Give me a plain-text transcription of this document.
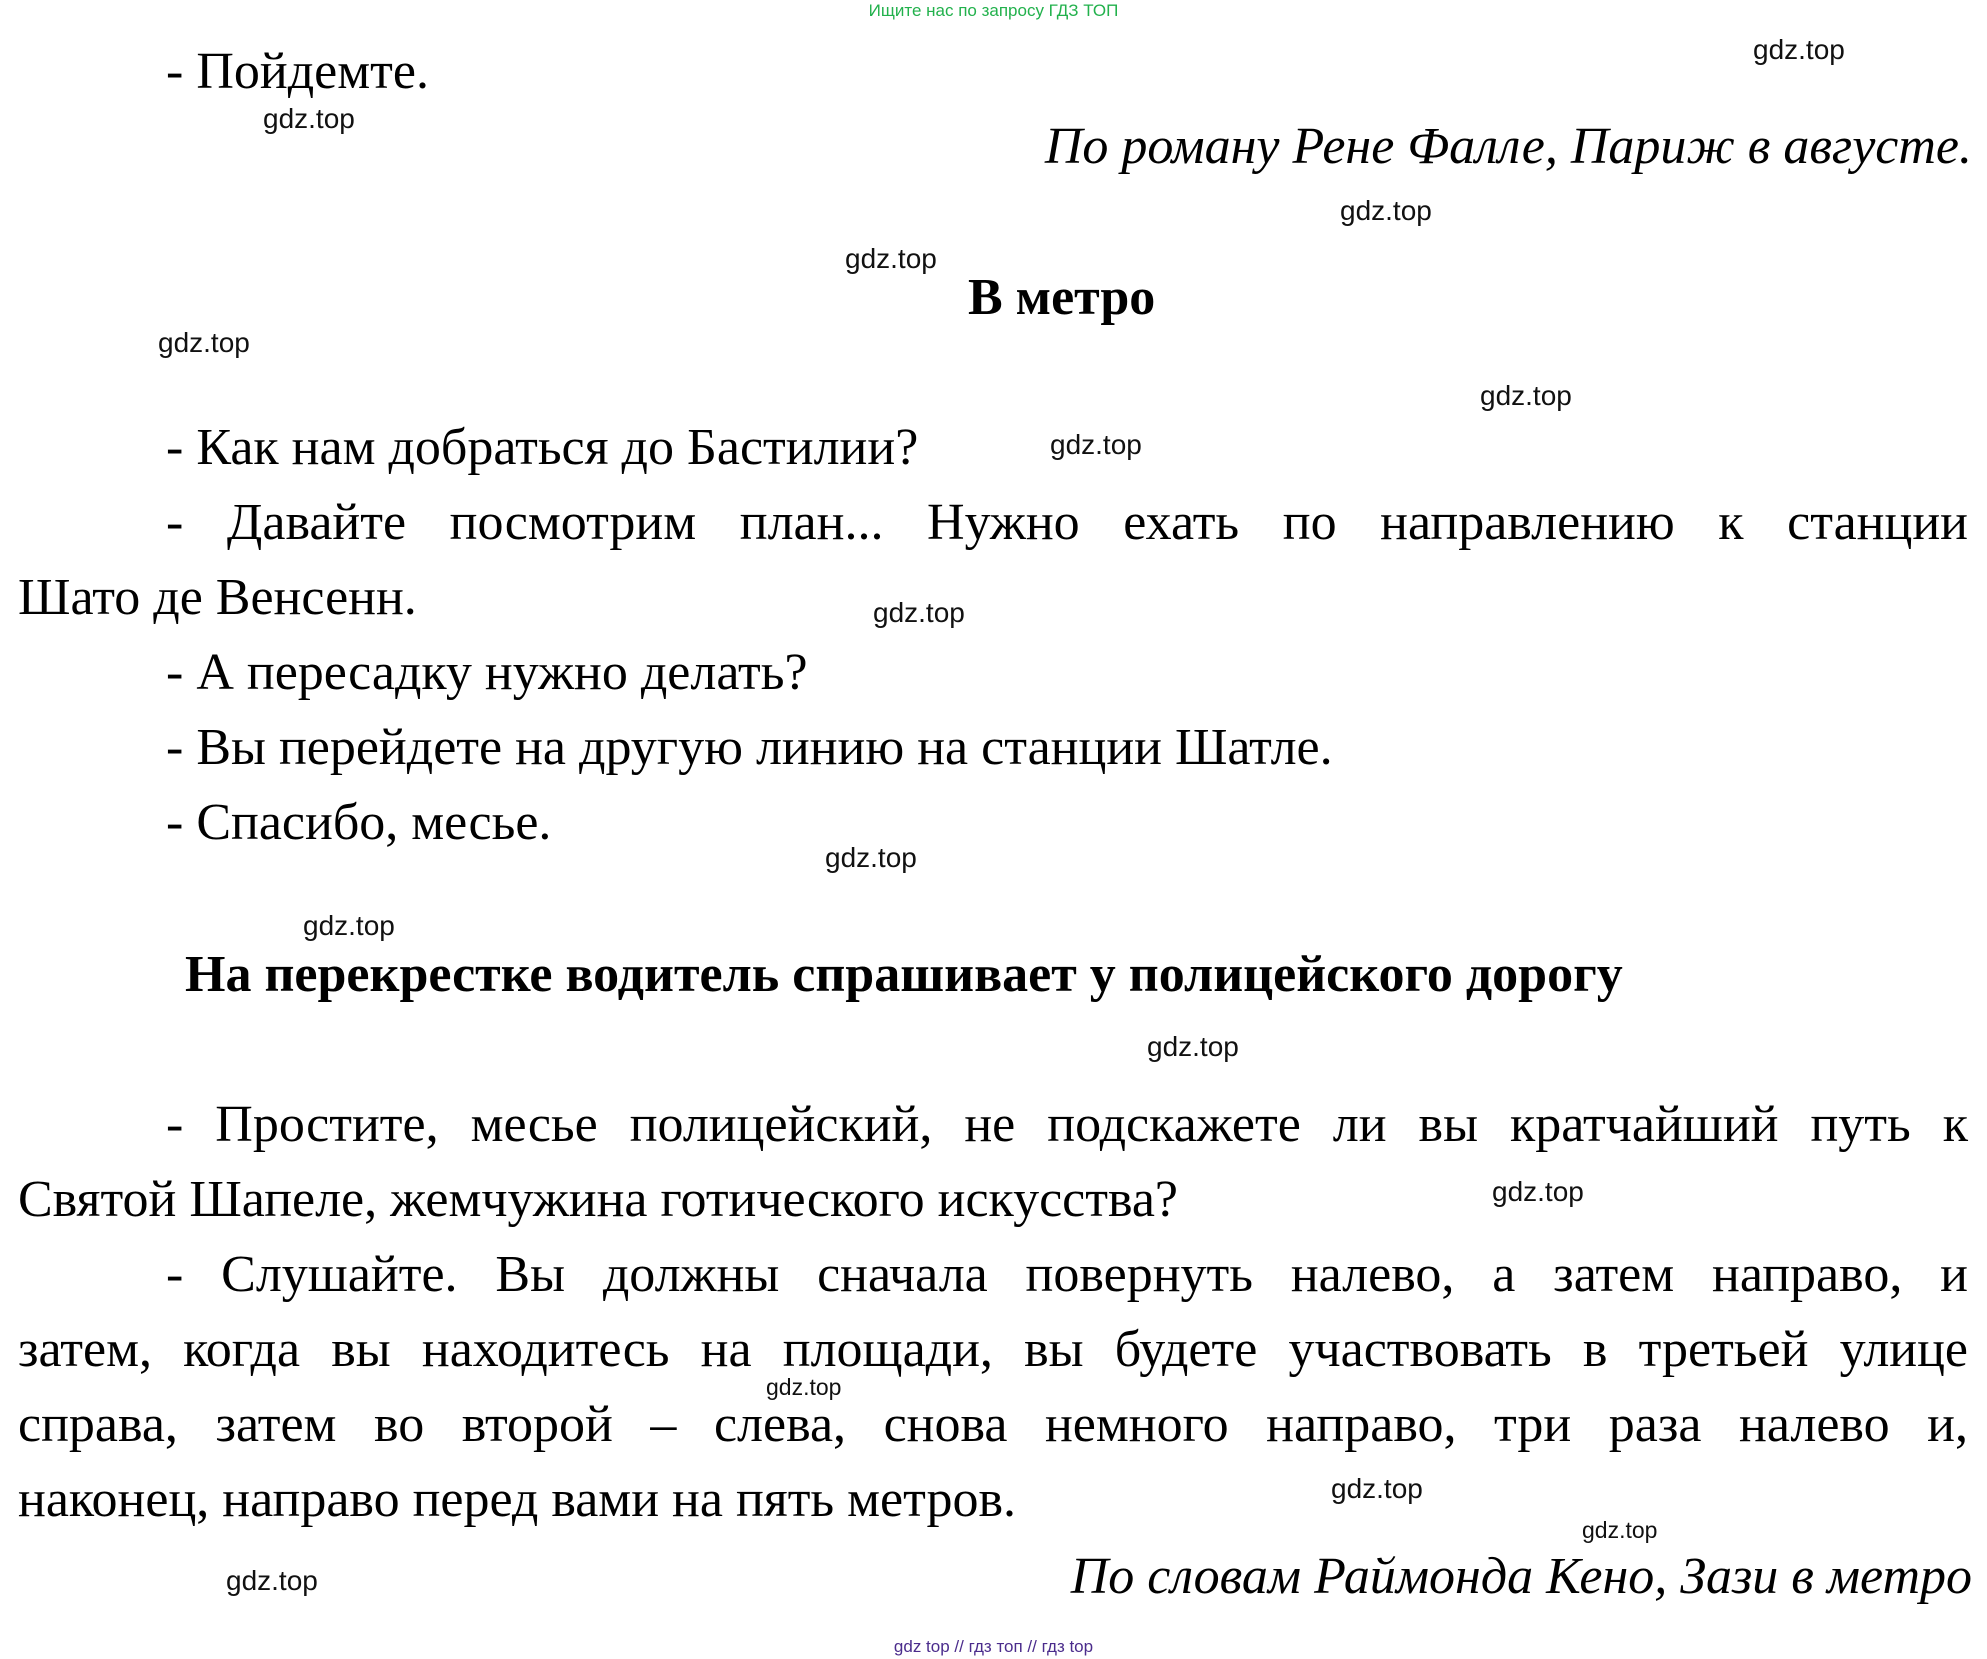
Ищите нас по запросу ГДЗ ТОП
- Пойдемте.
По роману Рене Фалле, Париж в августе.
В метро
- Как нам добраться до Бастилии?
- Давайте посмотрим план... Нужно ехать по направлению к станции
Шато де Венсенн.
- А пересадку нужно делать?
- Вы перейдете на другую линию на станции Шатле.
- Спасибо, месье.
На перекрестке водитель спрашивает у полицейского дорогу
- Простите, месье полицейский, не подскажете ли вы кратчайший путь к
Святой Шапеле, жемчужина готического искусства?
- Слушайте. Вы должны сначала повернуть налево, а затем направо, и
затем, когда вы находитесь на площади, вы будете участвовать в третьей улице
справа, затем во второй – слева, снова немного направо, три раза налево и,
наконец, направо перед вами на пять метров.
По словам Раймонда Кено, Зази в метро
gdz.top
gdz.top
gdz.top
gdz.top
gdz.top
gdz.top
gdz.top
gdz.top
gdz.top
gdz.top
gdz.top
gdz.top
gdz.top
gdz.top
gdz.top
gdz.top
gdz top // гдз топ // гдз top
